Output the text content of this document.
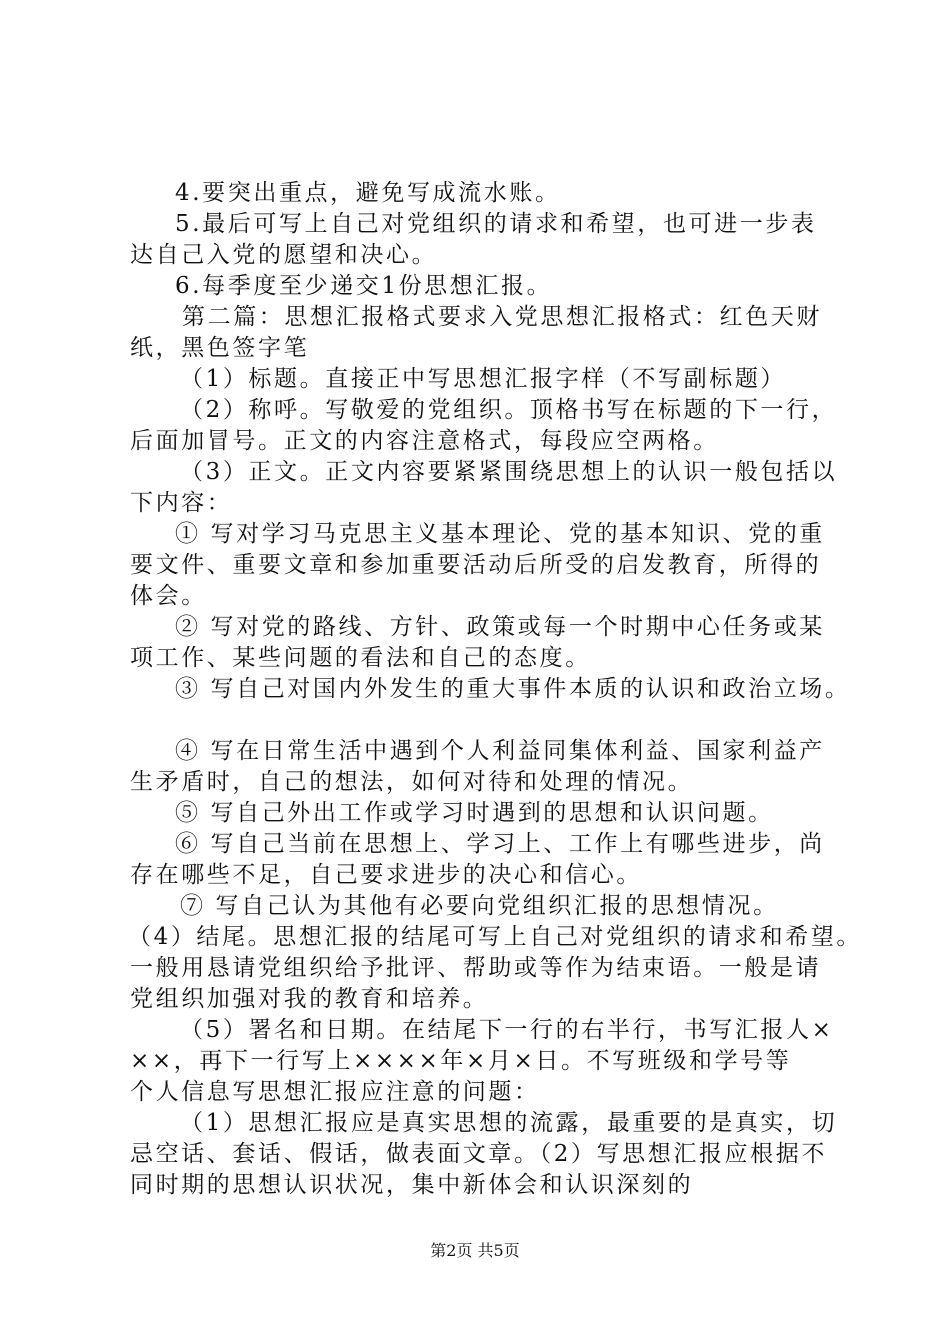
4.要突出重点，避免写成流水账。
5.最后可写上自己对党组织的请求和希望，也可进一步表
达自己入党的愿望和决心。
6.每季度至少递交1份思想汇报。
第二篇：思想汇报格式要求入党思想汇报格式：红色天财
纸，黑色签字笔
（1）标题。直接正中写思想汇报字样（不写副标题）
（2）称呼。写敬爱的党组织。顶格书写在标题的下一行，
后面加冒号。正文的内容注意格式，每段应空两格。
（3）正文。正文内容要紧紧围绕思想上的认识一般包括以
下内容：
① 写对学习马克思主义基本理论、党的基本知识、党的重
要文件、重要文章和参加重要活动后所受的启发教育，所得的
体会。
② 写对党的路线、方针、政策或每一个时期中心任务或某
项工作、某些问题的看法和自己的态度。
③ 写自己对国内外发生的重大事件本质的认识和政治立场。
④ 写在日常生活中遇到个人利益同集体利益、国家利益产
生矛盾时，自己的想法，如何对待和处理的情况。
⑤ 写自己外出工作或学习时遇到的思想和认识问题。
⑥ 写自己当前在思想上、学习上、工作上有哪些进步，尚
存在哪些不足，自己要求进步的决心和信心。
⑦ 写自己认为其他有必要向党组织汇报的思想情况。
（4）结尾。思想汇报的结尾可写上自己对党组织的请求和希望。
一般用恳请党组织给予批评、帮助或等作为结束语。一般是请
党组织加强对我的教育和培养。
（5）署名和日期。在结尾下一行的右半行，书写汇报人×
××，再下一行写上××××年×月×日。不写班级和学号等
个人信息写思想汇报应注意的问题：
（1）思想汇报应是真实思想的流露，最重要的是真实，切
忌空话、套话、假话，做表面文章。（2）写思想汇报应根据不
同时期的思想认识状况，集中新体会和认识深刻的
第2页 共5页
